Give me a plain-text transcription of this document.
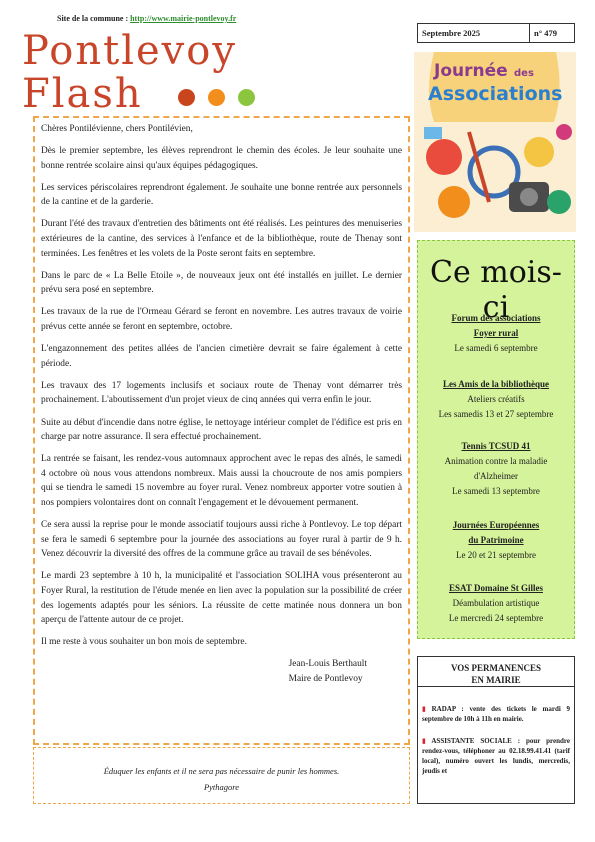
Site de la commune : http://www.mairie-pontlevoy.fr
Pontlevoy
Flash
Septembre 2025	n° 479
Journée des
Associations

Chères Pontilévienne, chers Pontilévien,

Dès le premier septembre, les élèves reprendront le chemin des écoles. Je leur souhaite une bonne rentrée scolaire ainsi qu'aux équipes pédagogiques.

Les services périscolaires reprendront également. Je souhaite une bonne rentrée aux personnels de la cantine et de la garderie.

Durant l'été des travaux d'entretien des bâtiments ont été réalisés. Les peintures des menuiseries extérieures de la cantine, des services à l'enfance et de la bibliothèque, route de Thenay sont terminées. Les fenêtres et les volets de la Poste seront faits en septembre.

Dans le parc de « La Belle Etoile », de nouveaux jeux ont été installés en juillet. Le dernier prévu sera posé en septembre.

Les travaux de la rue de l'Ormeau Gérard se feront en novembre. Les autres travaux de voirie prévus cette année se feront en septembre, octobre.

L'engazonnement des petites allées de l'ancien cimetière devrait se faire également à cette période.

Les travaux des 17 logements inclusifs et sociaux route de Thenay vont démarrer très prochainement. L'aboutissement d'un projet vieux de cinq années qui verra enfin le jour.

Suite au début d'incendie dans notre église, le nettoyage intérieur complet de l'édifice est pris en charge par notre assurance. Il sera effectué prochainement.

La rentrée se faisant, les rendez-vous automnaux approchent avec le repas des aînés, le samedi 4 octobre où nous vous attendons nombreux. Mais aussi la choucroute de nos amis pompiers qui se tiendra le samedi 15 novembre au foyer rural. Venez nombreux apporter votre soutien à nos pompiers volontaires dont on connaît l'engagement et le dévouement permanent.

Ce sera aussi la reprise pour le monde associatif toujours aussi riche à Pontlevoy. Le top départ se fera le samedi 6 septembre pour la journée des associations au foyer rural à partir de 9 h. Venez découvrir la diversité des offres de la commune grâce au travail de ses bénévoles.

Le mardi 23 septembre à 10 h, la municipalité et l'association SOLIHA vous présenteront au Foyer Rural, la restitution de l'étude menée en lien avec la population sur la possibilité de créer des logements adaptés pour les séniors. La réussite de cette matinée nous donnera un bon aperçu de l'attente autour de ce projet.

Il me reste à vous souhaiter un bon mois de septembre.

Jean-Louis Berthault
Maire de Pontlevoy
Éduquer les enfants et il ne sera pas nécessaire de punir les hommes.
Pythagore
Ce mois-ci
Forum des associations
Foyer rural
Le samedi 6 septembre
Les Amis de la bibliothèque
Ateliers créatifs
Les samedis 13 et 27 septembre
Tennis TCSUD 41
Animation contre la maladie d'Alzheimer
Le samedi 13 septembre
Journées Européennes
du Patrimoine
Le 20 et 21 septembre
ESAT Domaine St Gilles
Déambulation artistique
Le mercredi 24 septembre
VOS PERMANENCES
EN MAIRIE

▮ RADAP : vente des tickets le mardi 9 septembre de 10h à 11h en mairie.

▮ ASSISTANTE SOCIALE : pour prendre rendez-vous, téléphoner au 02.18.99.41.41 (tarif local), numéro ouvert les lundis, mercredis, jeudis et
